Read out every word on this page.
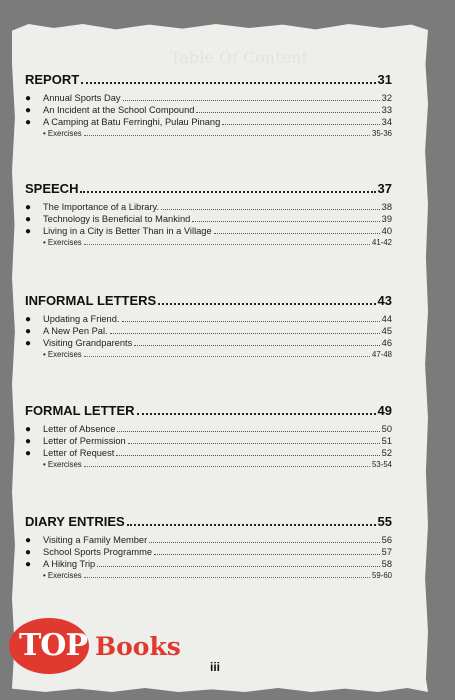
Table Of Content
REPORT	31
●	Annual Sports Day	32
●	An Incident at the School Compound	33
●	A Camping at Batu Ferringhi, Pulau Pinang	34
• Exercises	35-36
SPEECH	37
●	The Importance of a Library.	38
●	Technology is Beneficial to Mankind	39
●	Living in a City is Better Than in a Village	40
• Exercises	41-42
INFORMAL LETTERS	43
●	Updating a Friend.	44
●	A New Pen Pal.	45
●	Visiting Grandparents	46
• Exercises	47-48
FORMAL LETTER	49
●	Letter of Absence	50
●	Letter of Permission	51
●	Letter of Request	52
• Exercises	53-54
DIARY ENTRIES	55
●	Visiting a Family Member	56
●	School Sports Programme	57
●	A Hiking Trip	58
• Exercises	59-60
iii
TOP Books
